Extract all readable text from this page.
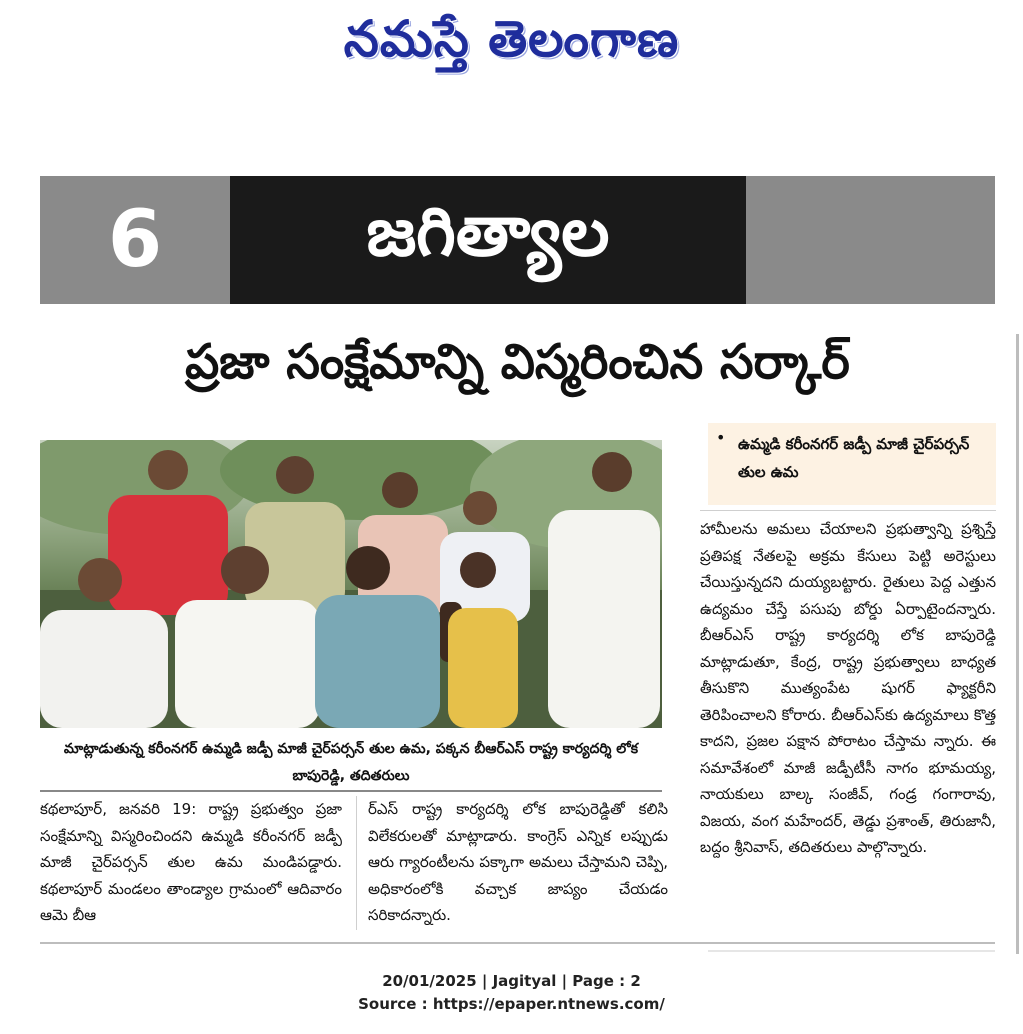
నమస్తే తెలంగాణ
6	జగిత్యాల
ప్రజా సంక్షేమాన్ని విస్మరించిన సర్కార్
మాట్లాడుతున్న కరీంనగర్ ఉమ్మడి జడ్పీ మాజీ చైర్‌పర్సన్ తుల ఉమ, పక్కన బీఆర్‌ఎస్ రాష్ట్ర కార్యదర్శి లోక బాపురెడ్డి, తదితరులు
• ఉమ్మడి కరీంనగర్ జడ్పీ మాజీ చైర్‌పర్సన్ తుల ఉమ

కథలాపూర్, జనవరి 19: రాష్ట్ర ప్రభుత్వం ప్రజా సంక్షేమాన్ని విస్మరించిందని ఉమ్మడి కరీంనగర్ జడ్పీ మాజీ చైర్‌పర్సన్ తుల ఉమ మండిపడ్డారు. కథలాపూర్ మండలం తాండ్యాల గ్రామంలో ఆదివారం ఆమె బీఆ

ర్‌ఎస్ రాష్ట్ర కార్యదర్శి లోక బాపురెడ్డితో కలిసి విలేకరులతో మాట్లాడారు. కాంగ్రెస్ ఎన్నిక లప్పుడు ఆరు గ్యారంటీలను పక్కాగా అమలు చేస్తామని చెప్పి, అధికారంలోకి వచ్చాక జాప్యం చేయడం సరికాదన్నారు.

హామీలను అమలు చేయాలని ప్రభుత్వాన్ని ప్రశ్నిస్తే ప్రతిపక్ష నేతలపై అక్రమ కేసులు పెట్టి అరెస్టులు చేయిస్తున్నదని దుయ్యబట్టారు. రైతులు పెద్ద ఎత్తున ఉద్యమం చేస్తే పసుపు బోర్డు ఏర్పాటైందన్నారు. బీఆర్‌ఎస్ రాష్ట్ర కార్యదర్శి లోక బాపురెడ్డి మాట్లాడుతూ, కేంద్ర, రాష్ట్ర ప్రభుత్వాలు బాధ్యత తీసుకొని ముత్యంపేట షుగర్ ఫ్యాక్టరీని తెరిపించాలని కోరారు. బీఆర్‌ఎస్‌కు ఉద్యమాలు కొత్త కాదని, ప్రజల పక్షాన పోరాటం చేస్తామ న్నారు. ఈ సమావేశంలో మాజీ జడ్పీటీసీ నాగం భూమయ్య, నాయకులు బాల్క సంజీవ్, గండ్ర గంగారావు, విజయ, వంగ మహేందర్, తెడ్డు ప్రశాంత్, తిరుజానీ, బద్దం శ్రీనివాస్, తదితరులు పాల్గొన్నారు.

20/01/2025 | Jagityal | Page : 2
Source : https://epaper.ntnews.com/
